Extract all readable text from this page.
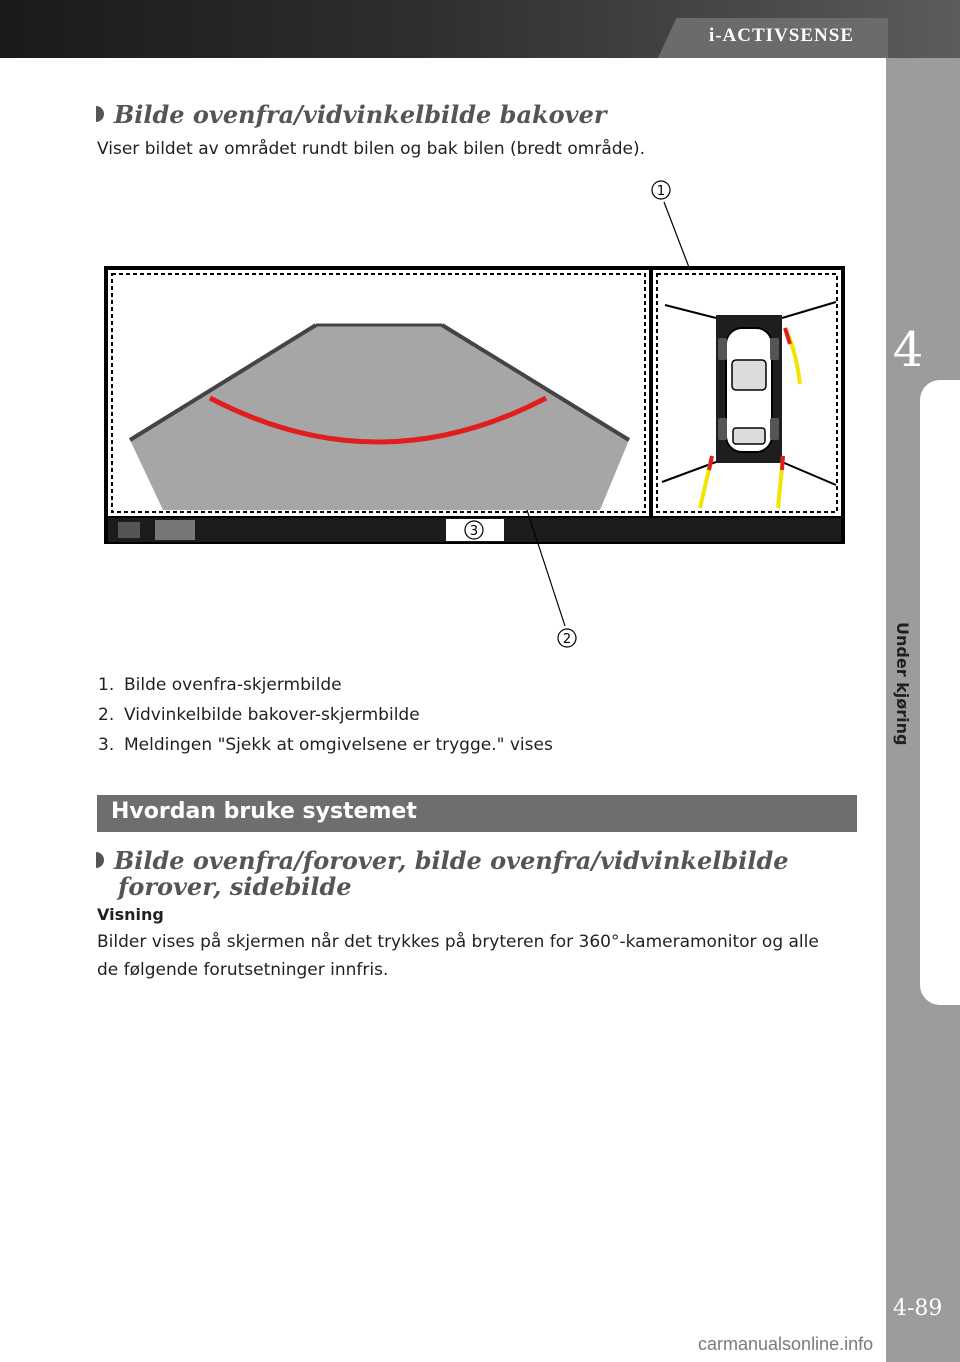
i-ACTIVSENSE
4
Under kjøring
Bilde ovenfra/vidvinkelbilde bakover
Viser bildet av området rundt bilen og bak bilen (bredt område).
1
2
3
1. Bilde ovenfra-skjermbilde
2. Vidvinkelbilde bakover-skjermbilde
3. Meldingen "Sjekk at omgivelsene er trygge." vises
Hvordan bruke systemet
Bilde ovenfra/forover, bilde ovenfra/vidvinkelbilde
forover, sidebilde
Visning
Bilder vises på skjermen når det trykkes på bryteren for 360°-kameramonitor og alle
de følgende forutsetninger innfris.
4-89
carmanualsonline.info
